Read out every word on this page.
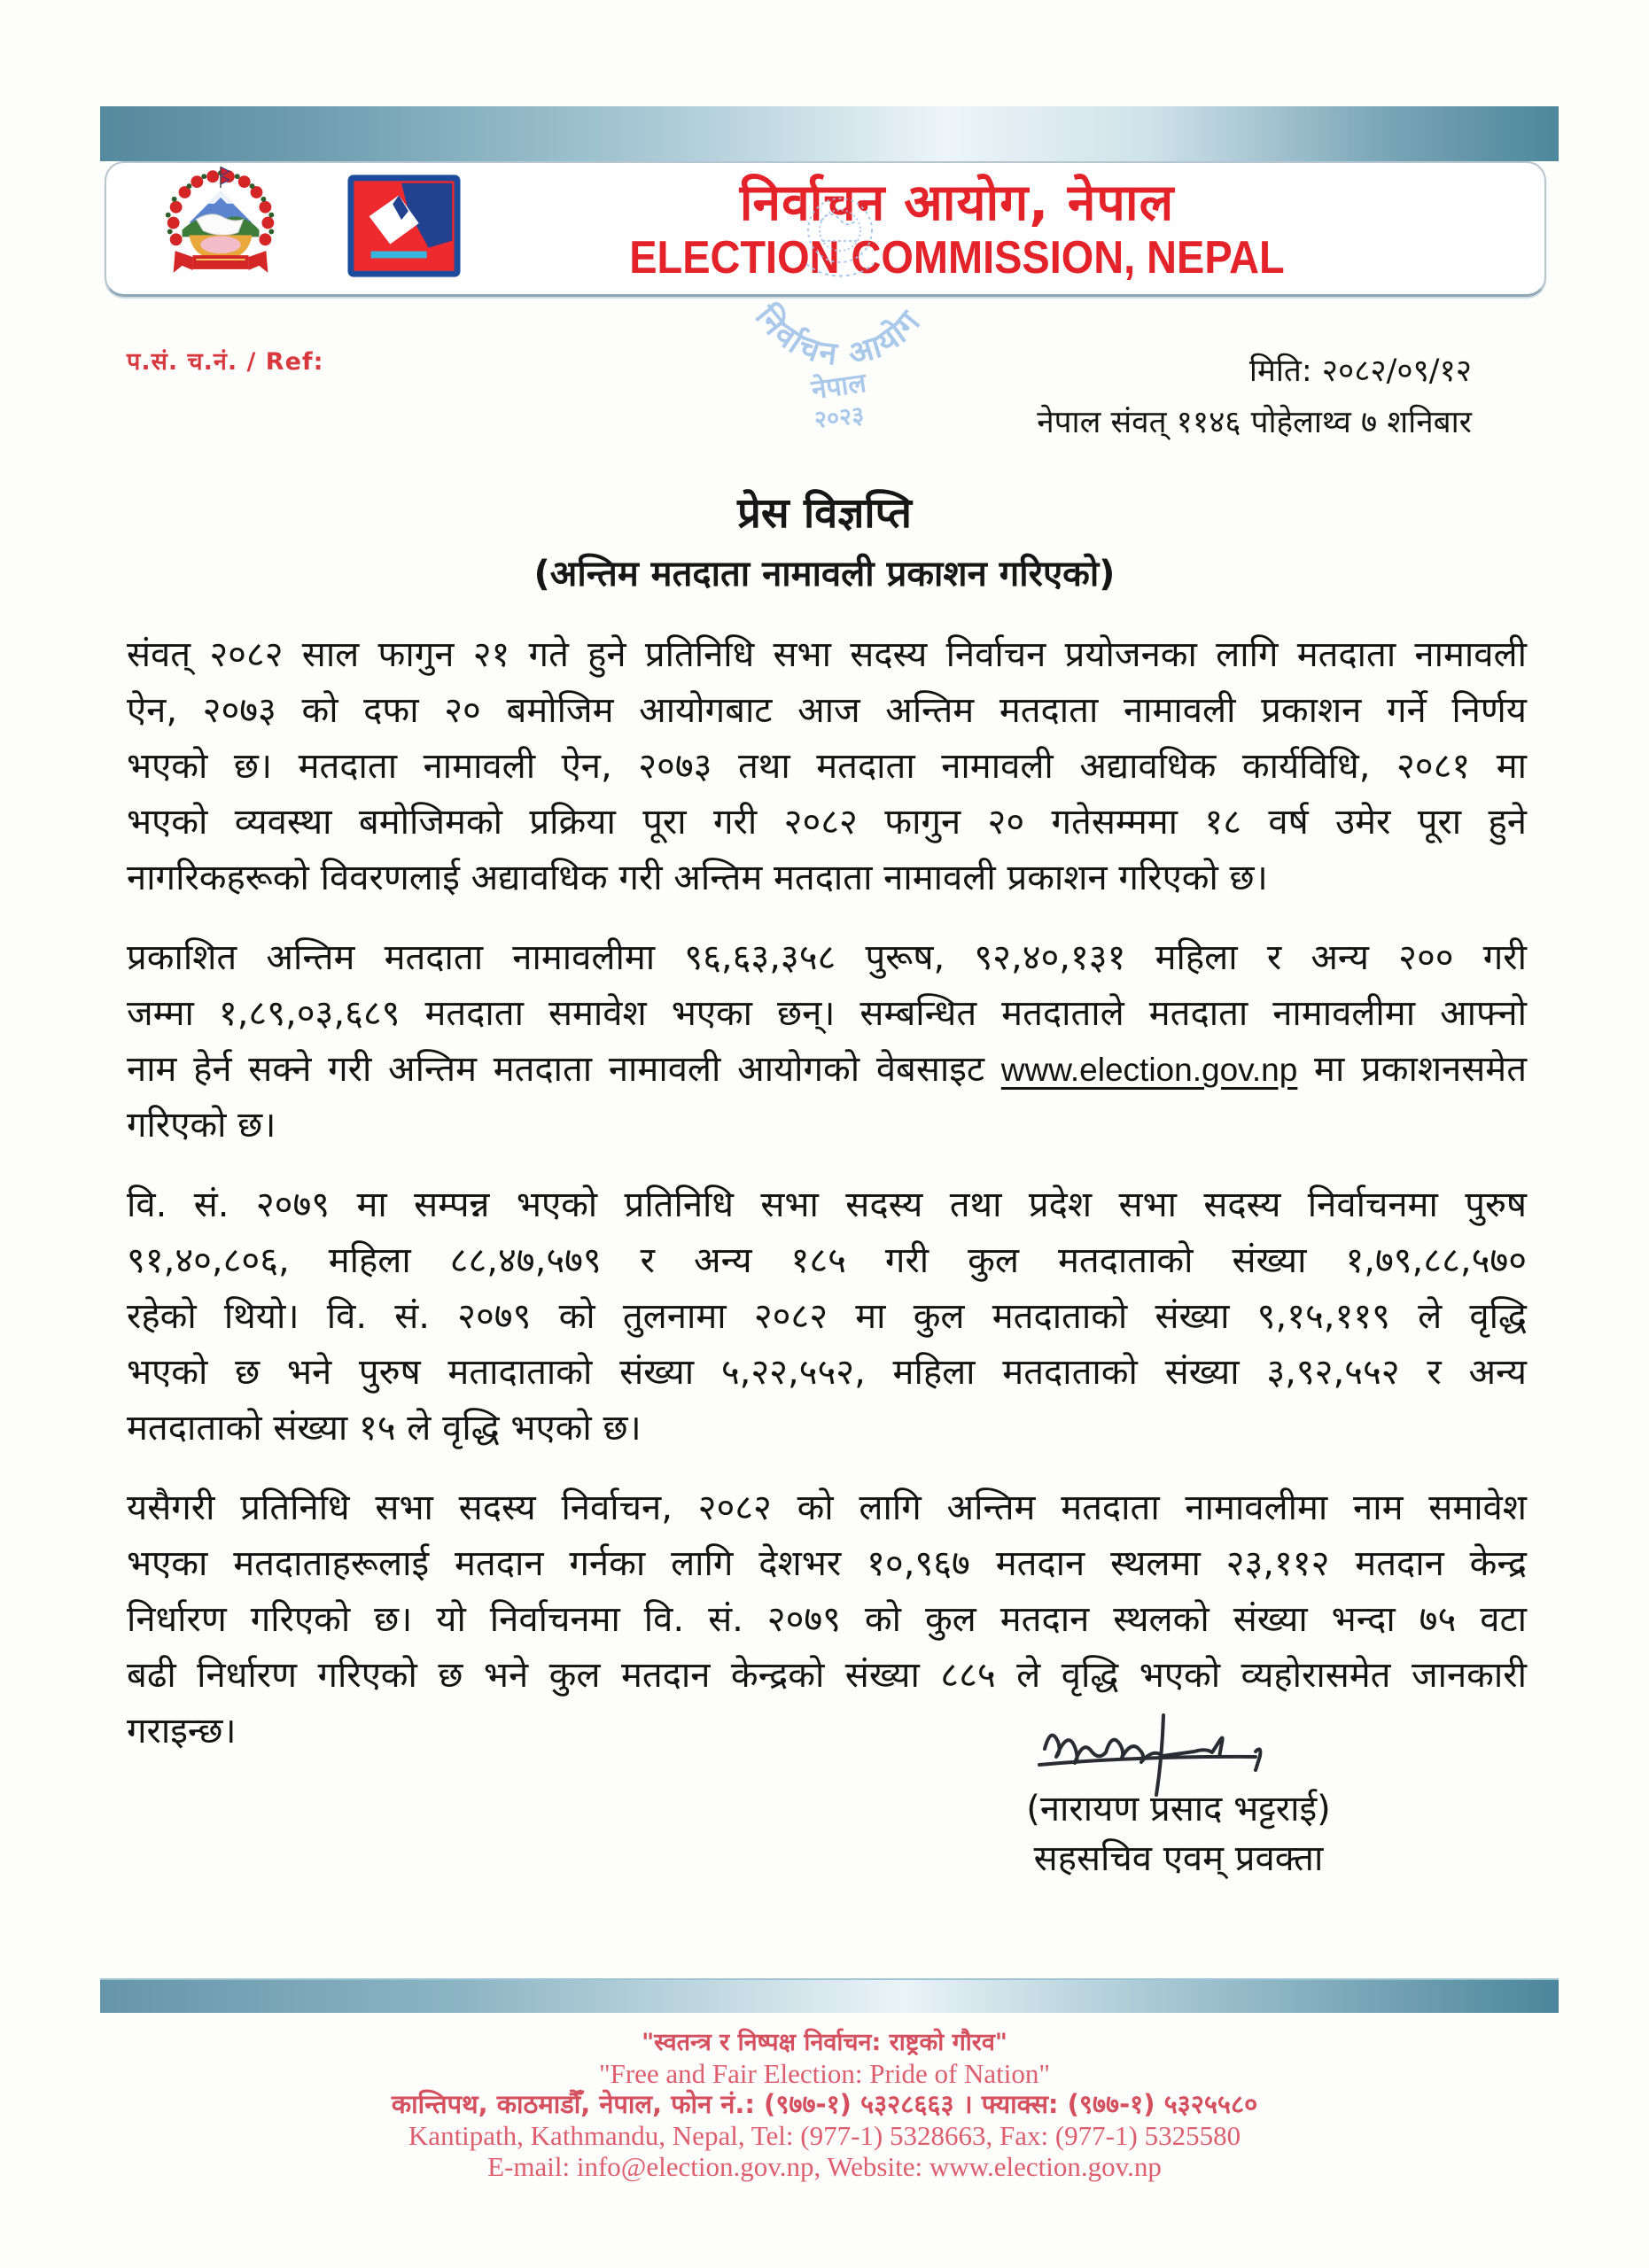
निर्वाचन आयोग, नेपाल
ELECTION COMMISSION, NEPAL
निर्वाचन आयोग
नेपाल
२०२३
प.सं. च.नं. / Ref:	मिति: २०८२/०९/१२
नेपाल संवत् ११४६ पोहेलाथ्व ७ शनिबार
प्रेस विज्ञप्ति
(अन्तिम मतदाता नामावली प्रकाशन गरिएको)
संवत् २०८२ साल फागुन २१ गते हुने प्रतिनिधि सभा सदस्य निर्वाचन प्रयोजनका लागि मतदाता नामावली
ऐन, २०७३ को दफा २० बमोजिम आयोगबाट आज अन्तिम मतदाता नामावली प्रकाशन गर्ने निर्णय
भएको छ। मतदाता नामावली ऐन, २०७३ तथा मतदाता नामावली अद्यावधिक कार्यविधि, २०८१ मा
भएको व्यवस्था बमोजिमको प्रक्रिया पूरा गरी २०८२ फागुन २० गतेसम्ममा १८ वर्ष उमेर पूरा हुने
नागरिकहरूको विवरणलाई अद्यावधिक गरी अन्तिम मतदाता नामावली प्रकाशन गरिएको छ।
प्रकाशित अन्तिम मतदाता नामावलीमा ९६,६३,३५८ पुरूष, ९२,४०,१३१ महिला र अन्य २०० गरी
जम्मा १,८९,०३,६८९ मतदाता समावेश भएका छन्। सम्बन्धित मतदाताले मतदाता नामावलीमा आफ्नो
नाम हेर्न सक्ने गरी अन्तिम मतदाता नामावली आयोगको वेबसाइट www.election.gov.np मा प्रकाशनसमेत
गरिएको छ।
वि. सं. २०७९ मा सम्पन्न भएको प्रतिनिधि सभा सदस्य तथा प्रदेश सभा सदस्य निर्वाचनमा पुरुष
९१,४०,८०६, महिला ८८,४७,५७९ र अन्य १८५ गरी कुल मतदाताको संख्या १,७९,८८,५७०
रहेको थियो। वि. सं. २०७९ को तुलनामा २०८२ मा कुल मतदाताको संख्या ९,१५,११९ ले वृद्धि
भएको छ भने पुरुष मतादाताको संख्या ५,२२,५५२, महिला मतदाताको संख्या ३,९२,५५२ र अन्य
मतदाताको संख्या १५ ले वृद्धि भएको छ।
यसैगरी प्रतिनिधि सभा सदस्य निर्वाचन, २०८२ को लागि अन्तिम मतदाता नामावलीमा नाम समावेश
भएका मतदाताहरूलाई मतदान गर्नका लागि देशभर १०,९६७ मतदान स्थलमा २३,११२ मतदान केन्द्र
निर्धारण गरिएको छ। यो निर्वाचनमा वि. सं. २०७९ को कुल मतदान स्थलको संख्या भन्दा ७५ वटा
बढी निर्धारण गरिएको छ भने कुल मतदान केन्द्रको संख्या ८८५ ले वृद्धि भएको व्यहोरासमेत जानकारी
गराइन्छ।
(नारायण प्रसाद भट्टराई)
सहसचिव एवम् प्रवक्ता
"स्वतन्त्र र निष्पक्ष निर्वाचन: राष्ट्रको गौरव"
"Free and Fair Election: Pride of Nation"
कान्तिपथ, काठमाडौँ, नेपाल, फोन नं.: (९७७-१) ५३२८६६३ । फ्याक्स: (९७७-१) ५३२५५८०
Kantipath, Kathmandu, Nepal, Tel: (977-1) 5328663, Fax: (977-1) 5325580
E-mail: info@election.gov.np, Website: www.election.gov.np
